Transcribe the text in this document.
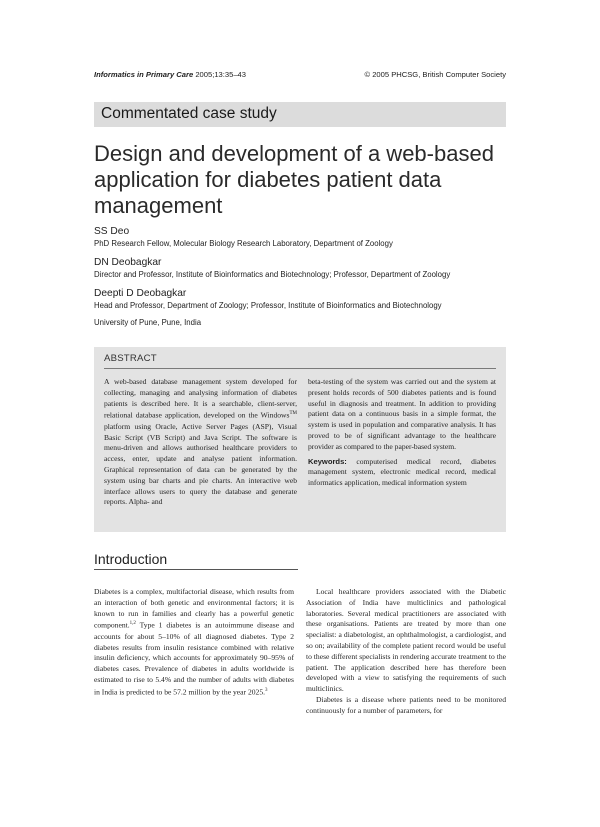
Informatics in Primary Care 2005;13:35–43	© 2005 PHCSG, British Computer Society
Commentated case study
Design and development of a web-based application for diabetes patient data management
SS Deo
PhD Research Fellow, Molecular Biology Research Laboratory, Department of Zoology
DN Deobagkar
Director and Professor, Institute of Bioinformatics and Biotechnology; Professor, Department of Zoology
Deepti D Deobagkar
Head and Professor, Department of Zoology; Professor, Institute of Bioinformatics and Biotechnology
University of Pune, Pune, India
ABSTRACT

A web-based database management system developed for collecting, managing and analysing information of diabetes patients is described here. It is a searchable, client-server, relational database application, developed on the Windows™ platform using Oracle, Active Server Pages (ASP), Visual Basic Script (VB Script) and Java Script. The software is menu-driven and allows authorised healthcare providers to access, enter, update and analyse patient information. Graphical representation of data can be generated by the system using bar charts and pie charts. An interactive web interface allows users to query the database and generate reports. Alpha- and

beta-testing of the system was carried out and the system at present holds records of 500 diabetes patients and is found useful in diagnosis and treatment. In addition to providing patient data on a continuous basis in a simple format, the system is used in population and comparative analysis. It has proved to be of significant advantage to the healthcare provider as compared to the paper-based system.

Keywords: computerised medical record, diabetes management system, electronic medical record, medical informatics application, medical information system

Introduction

Diabetes is a complex, multifactorial disease, which results from an interaction of both genetic and environmental factors; it is known to run in families and clearly has a powerful genetic component.$^{1,2}$ Type 1 diabetes is an autoimmune disease and accounts for about 5–10% of all diagnosed diabetes. Type 2 diabetes results from insulin resistance combined with relative insulin deficiency, which accounts for approximately 90–95% of diabetes cases. Prevalence of diabetes in adults worldwide is estimated to rise to 5.4% and the number of adults with diabetes in India is predicted to be 57.2 million by the year 2025.$^3$

Local healthcare providers associated with the Diabetic Association of India have multiclinics and pathological laboratories. Several medical practitioners are associated with these organisations. Patients are treated by more than one specialist: a diabetologist, an ophthalmologist, a cardiologist, and so on; availability of the complete patient record would be useful to these different specialists in rendering accurate treatment to the patient. The application described here has therefore been developed with a view to satisfying the requirements of such multiclinics.

Diabetes is a disease where patients need to be monitored continuously for a number of parameters, for
